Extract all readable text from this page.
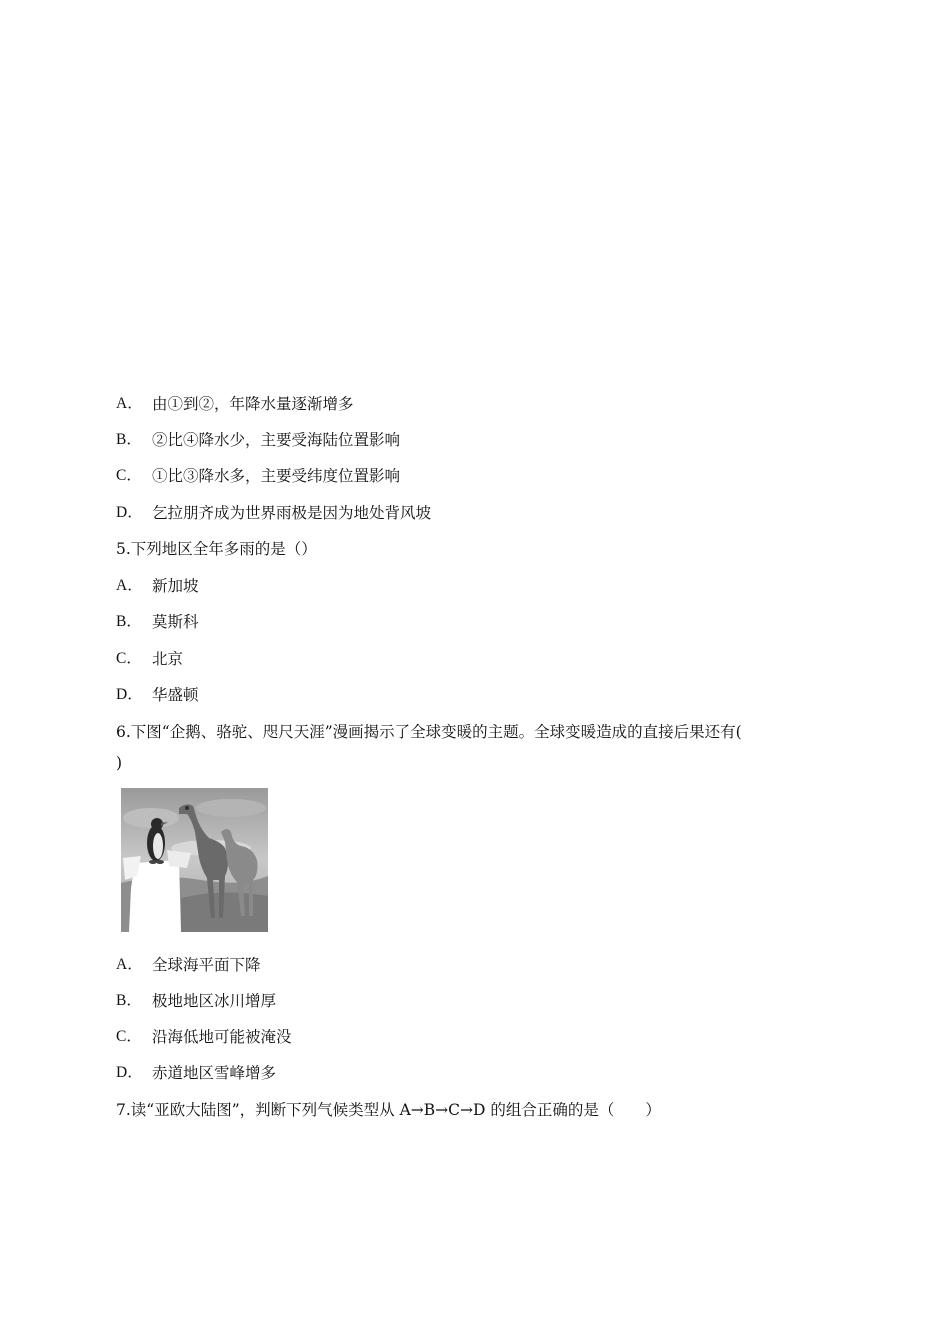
A． 由①到②，年降水量逐渐增多
B． ②比④降水少，主要受海陆位置影响
C． ①比③降水多，主要受纬度位置影响
D． 乞拉朋齐成为世界雨极是因为地处背风坡
5.下列地区全年多雨的是（）
A． 新加坡
B． 莫斯科
C． 北京
D． 华盛顿
6.下图“企鹅、骆驼、咫尺天涯”漫画揭示了全球变暖的主题。全球变暖造成的直接后果还有(
)
A． 全球海平面下降
B． 极地地区冰川增厚
C． 沿海低地可能被淹没
D． 赤道地区雪峰增多
7.读“亚欧大陆图”，判断下列气候类型从 A→B→C→D 的组合正确的是（　　）
